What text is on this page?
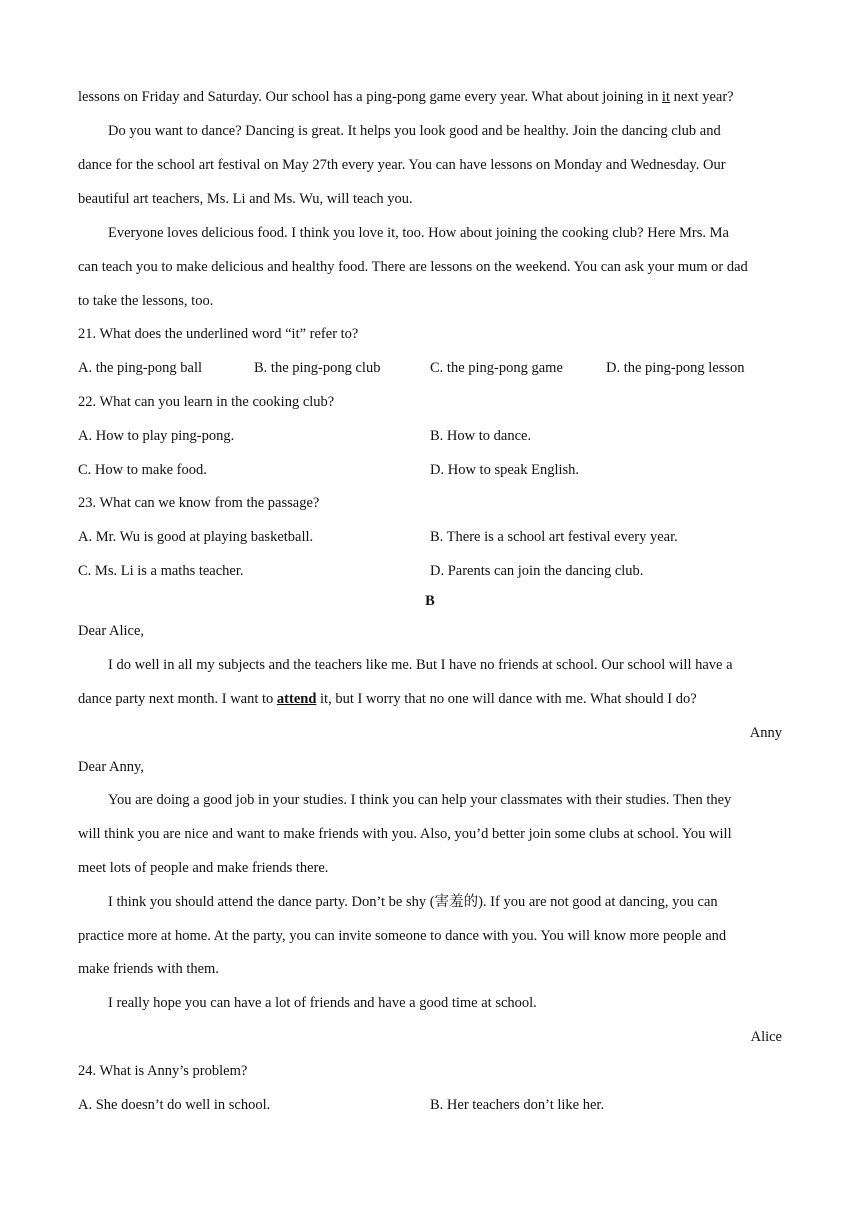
lessons on Friday and Saturday. Our school has a ping-pong game every year. What about joining in it next year?
Do you want to dance? Dancing is great. It helps you look good and be healthy. Join the dancing club and
dance for the school art festival on May 27th every year. You can have lessons on Monday and Wednesday. Our
beautiful art teachers, Ms. Li and Ms. Wu, will teach you.
Everyone loves delicious food. I think you love it, too. How about joining the cooking club? Here Mrs. Ma
can teach you to make delicious and healthy food. There are lessons on the weekend. You can ask your mum or dad
to take the lessons, too.
21. What does the underlined word “it” refer to?
A. the ping-pong ball	B. the ping-pong club	C. the ping-pong game	D. the ping-pong lesson
22. What can you learn in the cooking club?
A. How to play ping-pong.	B. How to dance.
C. How to make food.	D. How to speak English.
23. What can we know from the passage?
A. Mr. Wu is good at playing basketball.	B. There is a school art festival every year.
C. Ms. Li is a maths teacher.	D. Parents can join the dancing club.
B
Dear Alice,
I do well in all my subjects and the teachers like me. But I have no friends at school. Our school will have a
dance party next month. I want to attend it, but I worry that no one will dance with me. What should I do?
Anny
Dear Anny,
You are doing a good job in your studies. I think you can help your classmates with their studies. Then they
will think you are nice and want to make friends with you. Also, you’d better join some clubs at school. You will
meet lots of people and make friends there.
I think you should attend the dance party. Don’t be shy (害羞的). If you are not good at dancing, you can
practice more at home. At the party, you can invite someone to dance with you. You will know more people and
make friends with them.
I really hope you can have a lot of friends and have a good time at school.
Alice
24. What is Anny’s problem?
A. She doesn’t do well in school.	B. Her teachers don’t like her.
